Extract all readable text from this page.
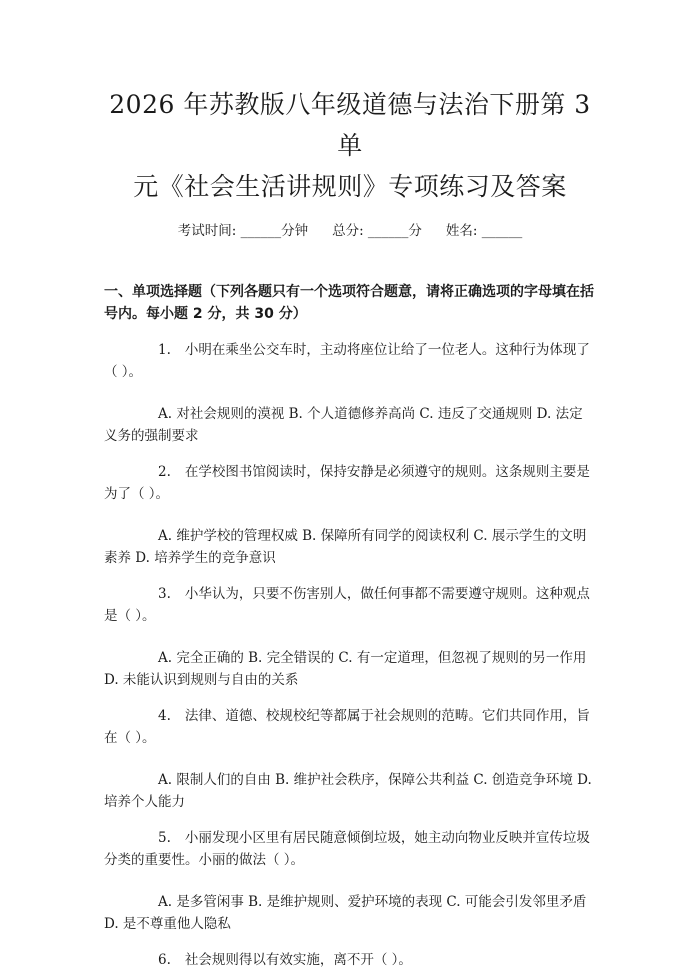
2026 年苏教版八年级道德与法治下册第 3 单
元《社会生活讲规则》专项练习及答案
考试时间: ______分钟 总分: ______分 姓名: ______
一、单项选择题（下列各题只有一个选项符合题意，请将正确选项的字母填在括号内。每小题 2 分，共 30 分）
1. 小明在乘坐公交车时，主动将座位让给了一位老人。这种行为体现了（ ）。
A. 对社会规则的漠视 B. 个人道德修养高尚 C. 违反了交通规则 D. 法定义务的强制要求
2. 在学校图书馆阅读时，保持安静是必须遵守的规则。这条规则主要是为了（ ）。
A. 维护学校的管理权威 B. 保障所有同学的阅读权利 C. 展示学生的文明素养 D. 培养学生的竞争意识
3. 小华认为，只要不伤害别人，做任何事都不需要遵守规则。这种观点是（ ）。
A. 完全正确的 B. 完全错误的 C. 有一定道理，但忽视了规则的另一作用 D. 未能认识到规则与自由的关系
4. 法律、道德、校规校纪等都属于社会规则的范畴。它们共同作用，旨在（ ）。
A. 限制人们的自由 B. 维护社会秩序，保障公共利益 C. 创造竞争环境 D. 培养个人能力
5. 小丽发现小区里有居民随意倾倒垃圾，她主动向物业反映并宣传垃圾分类的重要性。小丽的做法（ ）。
A. 是多管闲事 B. 是维护规则、爱护环境的表现 C. 可能会引发邻里矛盾 D. 是不尊重他人隐私
6. 社会规则得以有效实施，离不开（ ）。
